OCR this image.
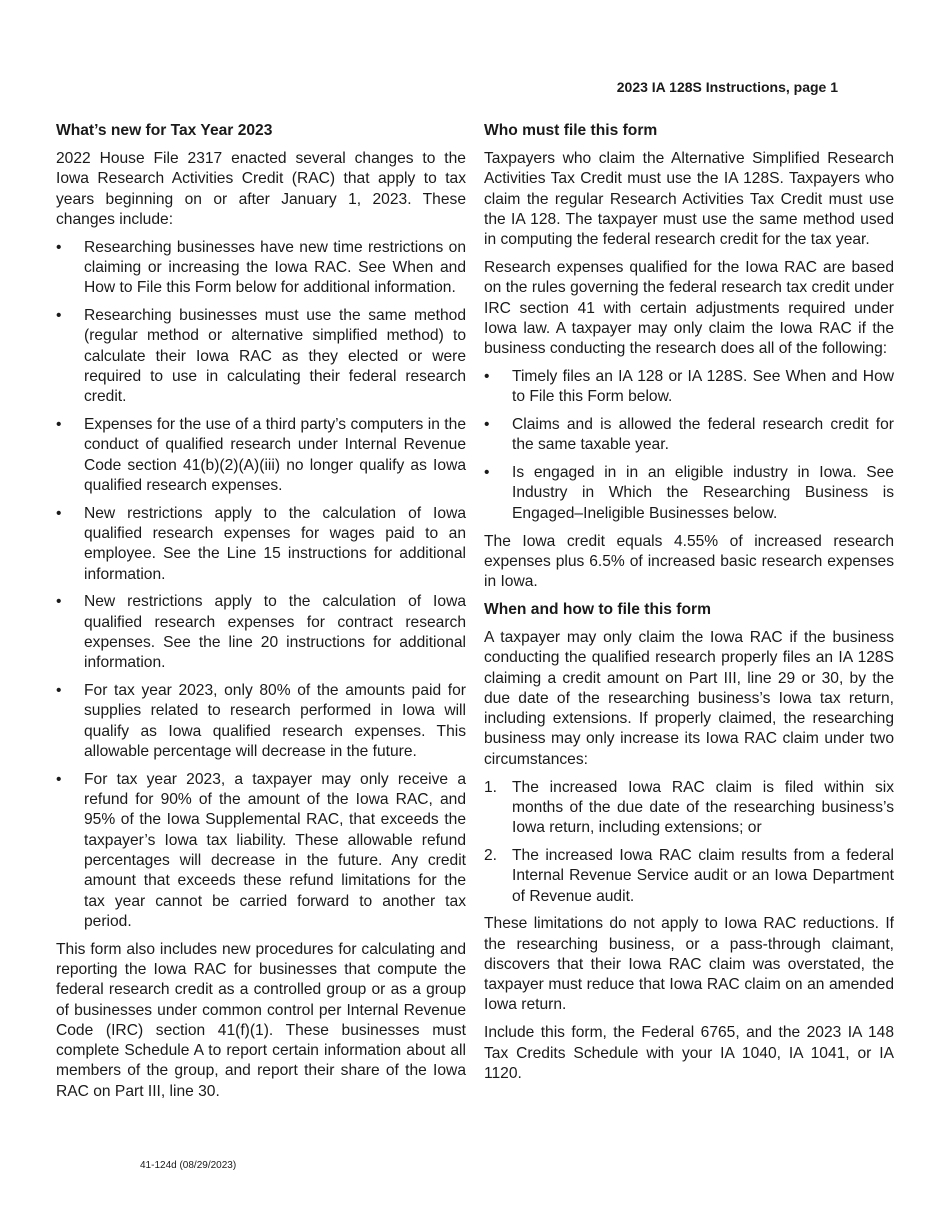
2023 IA 128S Instructions, page 1

What’s new for Tax Year 2023

2022 House File 2317 enacted several changes to the Iowa Research Activities Credit (RAC) that apply to tax years beginning on or after January 1, 2023. These changes include:

• Researching businesses have new time restrictions on claiming or increasing the Iowa RAC. See When and How to File this Form below for additional information.
• Researching businesses must use the same method (regular method or alternative simplified method) to calculate their Iowa RAC as they elected or were required to use in calculating their federal research credit.
• Expenses for the use of a third party’s computers in the conduct of qualified research under Internal Revenue Code section 41(b)(2)(A)(iii) no longer qualify as Iowa qualified research expenses.
• New restrictions apply to the calculation of Iowa qualified research expenses for wages paid to an employee. See the Line 15 instructions for additional information.
• New restrictions apply to the calculation of Iowa qualified research expenses for contract research expenses. See the line 20 instructions for additional information.
• For tax year 2023, only 80% of the amounts paid for supplies related to research performed in Iowa will qualify as Iowa qualified research expenses. This allowable percentage will decrease in the future.
• For tax year 2023, a taxpayer may only receive a refund for 90% of the amount of the Iowa RAC, and 95% of the Iowa Supplemental RAC, that exceeds the taxpayer’s Iowa tax liability. These allowable refund percentages will decrease in the future. Any credit amount that exceeds these refund limitations for the tax year cannot be carried forward to another tax period.

This form also includes new procedures for calculating and reporting the Iowa RAC for businesses that compute the federal research credit as a controlled group or as a group of businesses under common control per Internal Revenue Code (IRC) section 41(f)(1). These businesses must complete Schedule A to report certain information about all members of the group, and report their share of the Iowa RAC on Part III, line 30.

Who must file this form

Taxpayers who claim the Alternative Simplified Research Activities Tax Credit must use the IA 128S. Taxpayers who claim the regular Research Activities Tax Credit must use the IA 128. The taxpayer must use the same method used in computing the federal research credit for the tax year.

Research expenses qualified for the Iowa RAC are based on the rules governing the federal research tax credit under IRC section 41 with certain adjustments required under Iowa law. A taxpayer may only claim the Iowa RAC if the business conducting the research does all of the following:

• Timely files an IA 128 or IA 128S. See When and How to File this Form below.
• Claims and is allowed the federal research credit for the same taxable year.
• Is engaged in in an eligible industry in Iowa. See Industry in Which the Researching Business is Engaged–Ineligible Businesses below.

The Iowa credit equals 4.55% of increased research expenses plus 6.5% of increased basic research expenses in Iowa.

When and how to file this form

A taxpayer may only claim the Iowa RAC if the business conducting the qualified research properly files an IA 128S claiming a credit amount on Part III, line 29 or 30, by the due date of the researching business’s Iowa tax return, including extensions. If properly claimed, the researching business may only increase its Iowa RAC claim under two circumstances:

1. The increased Iowa RAC claim is filed within six months of the due date of the researching business’s Iowa return, including extensions; or
2. The increased Iowa RAC claim results from a federal Internal Revenue Service audit or an Iowa Department of Revenue audit.

These limitations do not apply to Iowa RAC reductions. If the researching business, or a pass-through claimant, discovers that their Iowa RAC claim was overstated, the taxpayer must reduce that Iowa RAC claim on an amended Iowa return.

Include this form, the Federal 6765, and the 2023 IA 148 Tax Credits Schedule with your IA 1040, IA 1041, or IA 1120.

41-124d (08/29/2023)
